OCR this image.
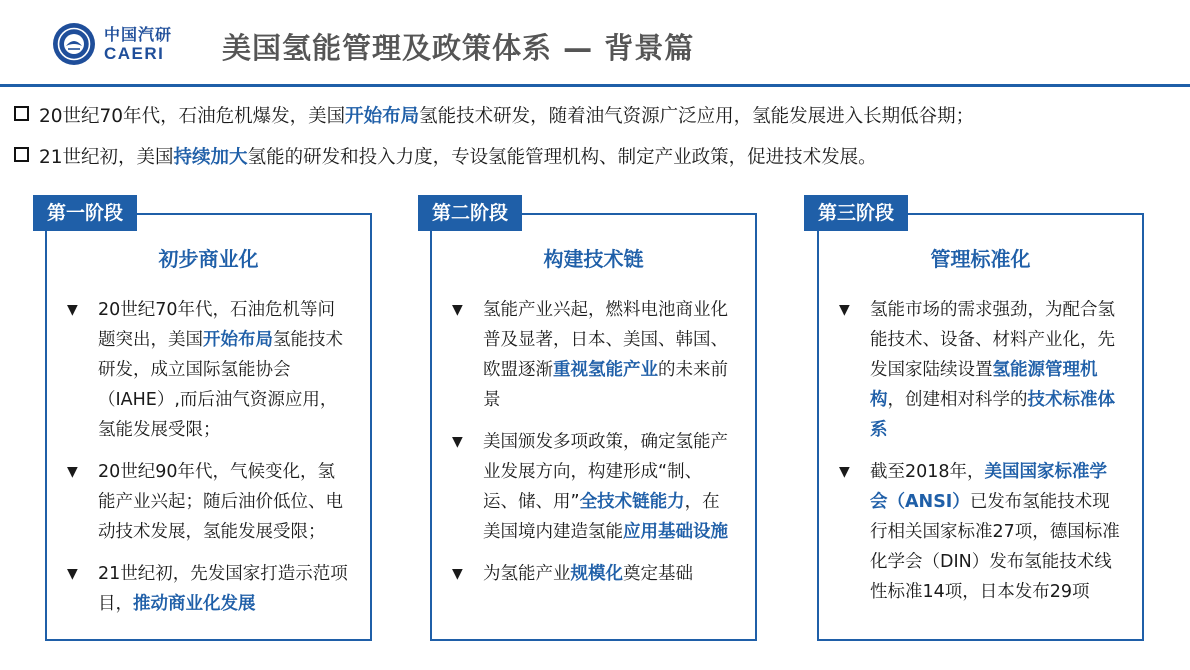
中国汽研
CAERI 美国氢能管理及政策体系 — 背景篇
20世纪70年代，石油危机爆发，美国开始布局氢能技术研发，随着油气资源广泛应用，氢能发展进入长期低谷期；
21世纪初，美国持续加大氢能的研发和投入力度，专设氢能管理机构、制定产业政策，促进技术发展。
初步商业化
▼ 20世纪70年代，石油危机等问题突出，美国开始布局氢能技术研发，成立国际氢能协会（IAHE）,而后油气资源应用，氢能发展受限；
▼ 20世纪90年代，气候变化，氢能产业兴起；随后油价低位、电动技术发展，氢能发展受限；
▼ 21世纪初，先发国家打造示范项目，推动商业化发展
第一阶段
构建技术链
▼ 氢能产业兴起，燃料电池商业化普及显著，日本、美国、韩国、欧盟逐渐重视氢能产业的未来前景
▼ 美国颁发多项政策，确定氢能产业发展方向，构建形成“制、运、储、用”全技术链能力，在美国境内建造氢能应用基础设施
▼ 为氢能产业规模化奠定基础
第二阶段
管理标准化
▼ 氢能市场的需求强劲，为配合氢能技术、设备、材料产业化，先发国家陆续设置氢能源管理机构，创建相对科学的技术标准体系
▼ 截至2018年，美国国家标准学会（ANSI）已发布氢能技术现行相关国家标准27项，德国标准化学会（DIN）发布氢能技术线性标准14项，日本发布29项
第三阶段
